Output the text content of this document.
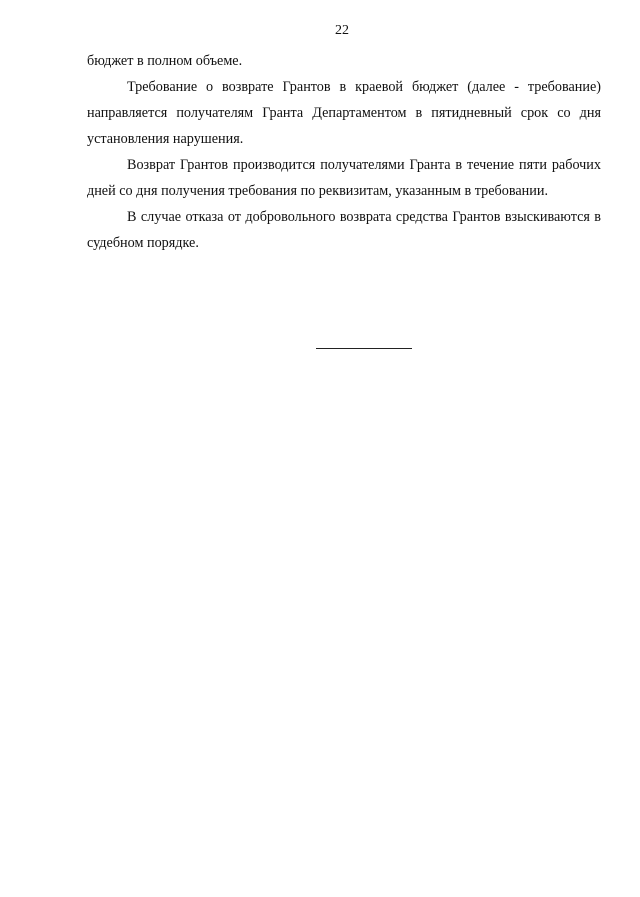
22

бюджет в полном объеме.

Требование о возврате Грантов в краевой бюджет (далее - требование) направляется получателям Гранта Департаментом в пятидневный срок со дня установления нарушения.

Возврат Грантов производится получателями Гранта в течение пяти рабочих дней со дня получения требования по реквизитам, указанным в требовании.

В случае отказа от добровольного возврата средства Грантов взыскиваются в судебном порядке.
